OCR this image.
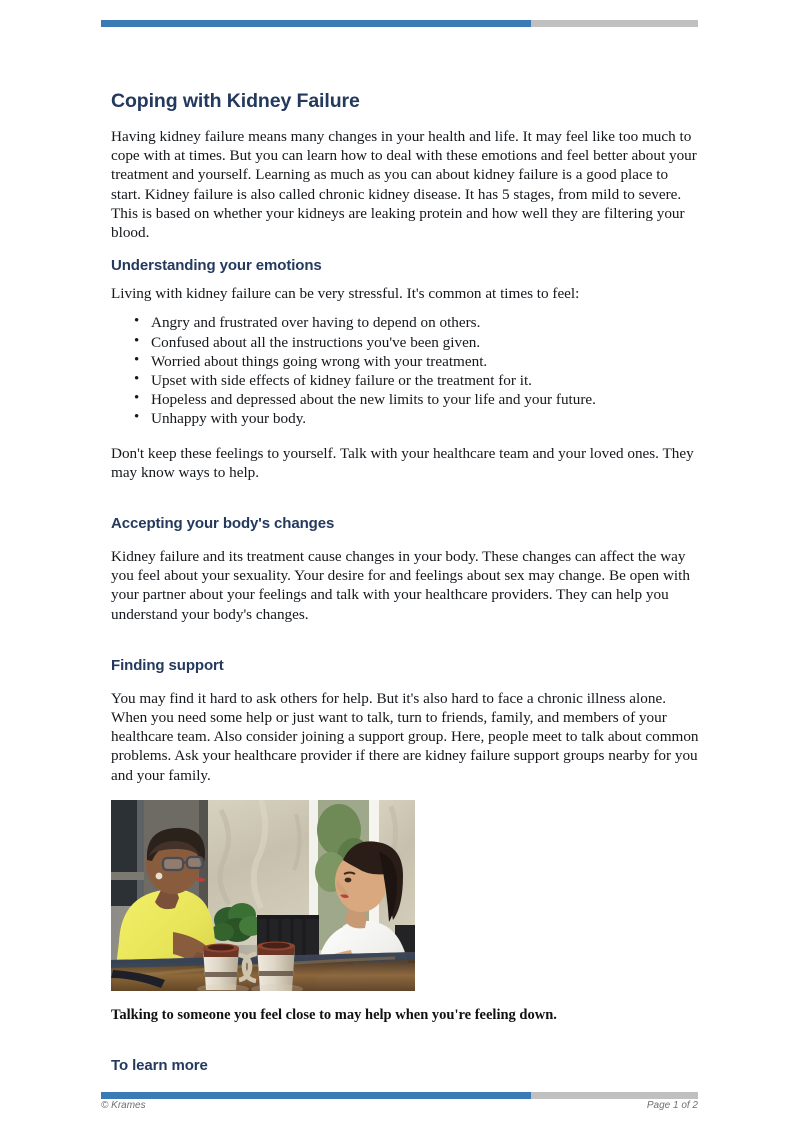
Coping with Kidney Failure

Having kidney failure means many changes in your health and life. It may feel like too much to cope with at times. But you can learn how to deal with these emotions and feel better about your treatment and yourself. Learning as much as you can about kidney failure is a good place to start. Kidney failure is also called chronic kidney disease. It has 5 stages, from mild to severe. This is based on whether your kidneys are leaking protein and how well they are filtering your blood.

Understanding your emotions

Living with kidney failure can be very stressful. It's common at times to feel:

• Angry and frustrated over having to depend on others.
• Confused about all the instructions you've been given.
• Worried about things going wrong with your treatment.
• Upset with side effects of kidney failure or the treatment for it.
• Hopeless and depressed about the new limits to your life and your future.
• Unhappy with your body.

Don't keep these feelings to yourself. Talk with your healthcare team and your loved ones. They may know ways to help.

Accepting your body's changes

Kidney failure and its treatment cause changes in your body. These changes can affect the way you feel about your sexuality. Your desire for and feelings about sex may change. Be open with your partner about your feelings and talk with your healthcare providers. They can help you understand your body's changes.

Finding support

You may find it hard to ask others for help. But it's also hard to face a chronic illness alone. When you need some help or just want to talk, turn to friends, family, and members of your healthcare team. Also consider joining a support group. Here, people meet to talk about common problems. Ask your healthcare provider if there are kidney failure support groups nearby for you and your family.

Talking to someone you feel close to may help when you're feeling down.

To learn more
© Krames	Page 1 of 2
